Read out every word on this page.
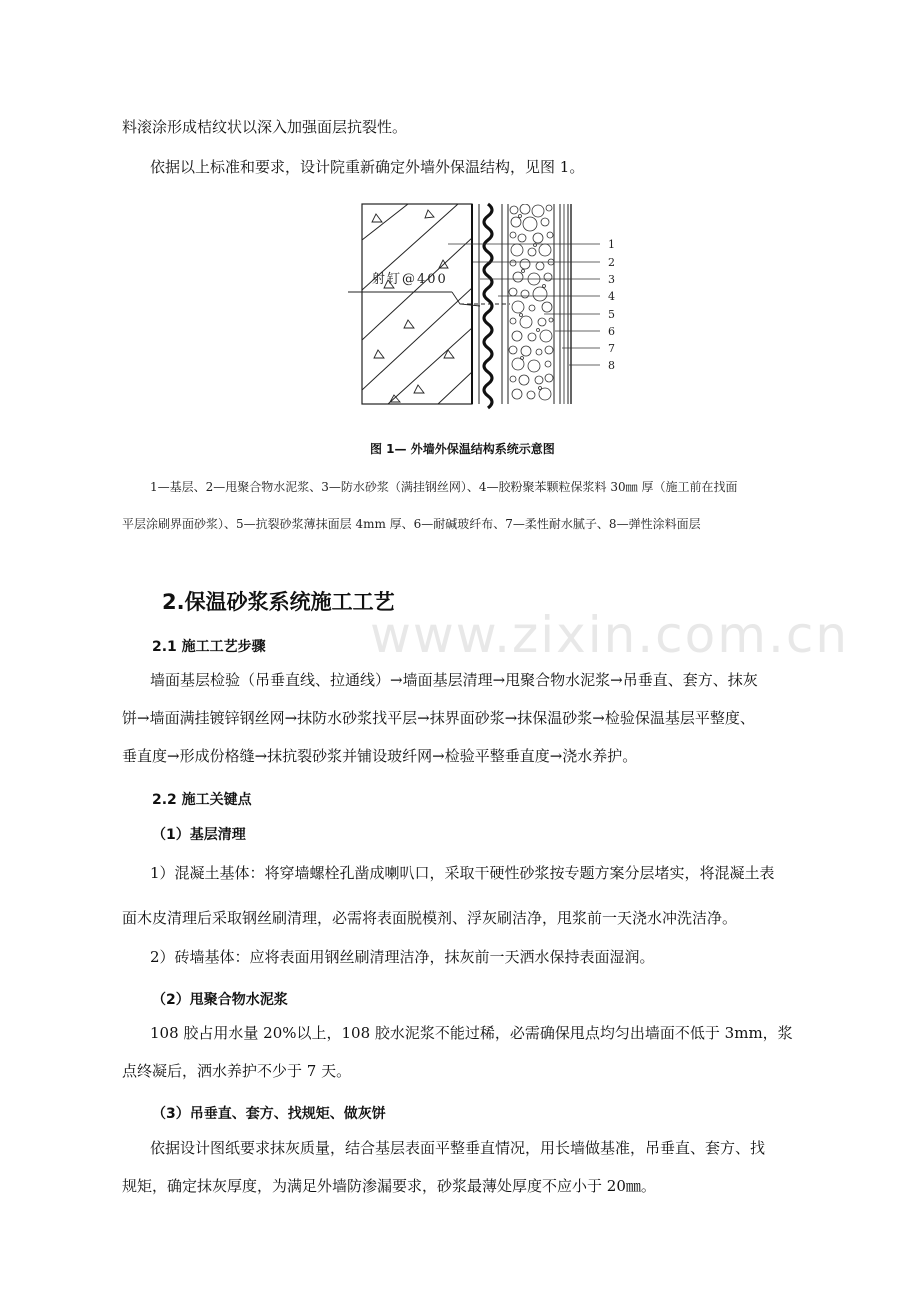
www.zixin.com.cn
料滚涂形成桔纹状以深入加强面层抗裂性。
依据以上标准和要求，设计院重新确定外墙外保温结构，见图 1。
射钉@400
1
2
3
4
5
6
7
8
图 1— 外墙外保温结构系统示意图
1—基层、2—甩聚合物水泥浆、3—防水砂浆（满挂钢丝网）、4—胶粉聚苯颗粒保浆料 30㎜ 厚（施工前在找面
平层涂刷界面砂浆）、5—抗裂砂浆薄抹面层 4mm 厚、6—耐碱玻纤布、7—柔性耐水腻子、8—弹性涂料面层
2.保温砂浆系统施工工艺
2.1 施工工艺步骤
墙面基层检验（吊垂直线、拉通线）→墙面基层清理→甩聚合物水泥浆→吊垂直、套方、抹灰
饼→墙面满挂镀锌钢丝网→抹防水砂浆找平层→抹界面砂浆→抹保温砂浆→检验保温基层平整度、
垂直度→形成份格缝→抹抗裂砂浆并铺设玻纤网→检验平整垂直度→浇水养护。
2.2 施工关键点
（1）基层清理
1）混凝土基体：将穿墙螺栓孔凿成喇叭口，采取干硬性砂浆按专题方案分层堵实，将混凝土表
面木皮清理后采取钢丝刷清理，必需将表面脱模剂、浮灰刷洁净，甩浆前一天浇水冲洗洁净。
2）砖墙基体：应将表面用钢丝刷清理洁净，抹灰前一天洒水保持表面湿润。
（2）甩聚合物水泥浆
108 胶占用水量 20%以上，108 胶水泥浆不能过稀，必需确保甩点均匀出墙面不低于 3mm，浆
点终凝后，洒水养护不少于 7 天。
（3）吊垂直、套方、找规矩、做灰饼
依据设计图纸要求抹灰质量，结合基层表面平整垂直情况，用长墙做基准，吊垂直、套方、找
规矩，确定抹灰厚度，为满足外墙防渗漏要求，砂浆最薄处厚度不应小于 20㎜。
